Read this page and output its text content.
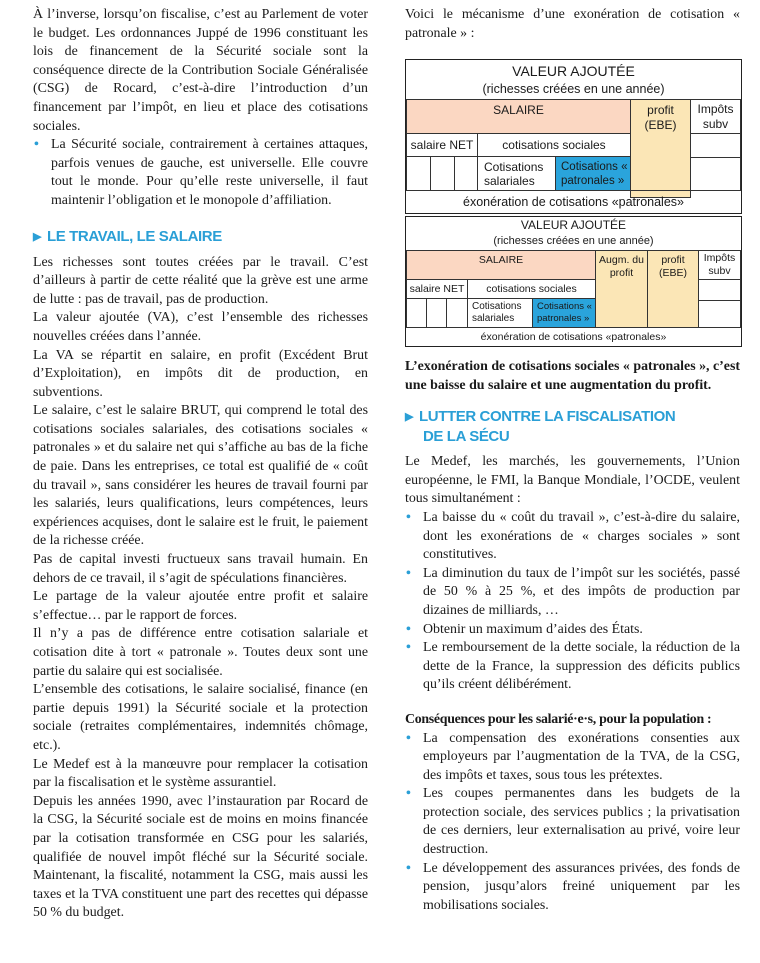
À l’inverse, lorsqu’on fiscalise, c’est au Parlement de voter le budget. Les ordonnances Juppé de 1996 constituant les lois de financement de la Sécurité sociale sont la conséquence directe de la Contribution Sociale Généralisée (CSG) de Rocard, c’est-à-dire l’introduction d’un financement par l’impôt, en lieu et place des cotisations sociales.

• La Sécurité sociale, contrairement à certaines attaques, parfois venues de gauche, est universelle. Elle couvre tout le monde. Pour qu’elle reste universelle, il faut maintenir l’obligation et le monopole d’affiliation.
▶ LE TRAVAIL, LE SALAIRE

Les richesses sont toutes créées par le travail. C’est d’ailleurs à partir de cette réalité que la grève est une arme de lutte : pas de travail, pas de production.

La valeur ajoutée (VA), c’est l’ensemble des richesses nouvelles créées dans l’année.

La VA se répartit en salaire, en profit (Excédent Brut d’Exploitation), en impôts dit de production, en subventions.

Le salaire, c’est le salaire BRUT, qui comprend le total des cotisations sociales salariales, des cotisations sociales « patronales » et du salaire net qui s’affiche au bas de la fiche de paie. Dans les entreprises, ce total est qualifié de « coût du travail », sans considérer les heures de travail fourni par les salariés, leurs qualifications, leurs compétences, leurs expériences acquises, dont le salaire est le fruit, le paiement de la richesse créée.

Pas de capital investi fructueux sans travail humain. En dehors de ce travail, il s’agit de spéculations financières.

Le partage de la valeur ajoutée entre profit et salaire s’effectue… par le rapport de forces.

Il n’y a pas de différence entre cotisation salariale et cotisation dite à tort « patronale ». Toutes deux sont une partie du salaire qui est socialisée.

L’ensemble des cotisations, le salaire socialisé, finance (en partie depuis 1991) la Sécurité sociale et la protection sociale (retraites complémentaires, indemnités chômage, etc.).

Le Medef est à la manœuvre pour remplacer la cotisation par la fiscalisation et le système assurantiel.

Depuis les années 1990, avec l’instauration par Rocard de la CSG, la Sécurité sociale est de moins en moins financée par la cotisation transformée en CSG pour les salariés, qualifiée de nouvel impôt fléché sur la Sécurité sociale. Maintenant, la fiscalité, notamment la CSG, mais aussi les taxes et la TVA constituent une part des recettes qui dépasse 50 % du budget.

Voici le mécanisme d’une exonération de cotisation « patronale » :

VALEUR AJOUTÉE
(richesses créées en une année)
SALAIRE	profit (EBE)
Impôts subv
salaire NET cotisations sociales
Cotisations salariales
Cotisations « patronales »
éxonération de cotisations «patronales»
VALEUR AJOUTÉE
(richesses créées en une année)
SALAIRE	Augm. du profit
profit (EBE)
Impôts subv
salaire NET cotisations sociales
Cotisations salariales
Cotisations « patronales »
éxonération de cotisations «patronales»

L’exonération de cotisations sociales « patronales », c’est une baisse du salaire et une augmentation du profit.

▶ LUTTER CONTRE LA FISCALISATION
DE LA SÉCU

Le Medef, les marchés, les gouvernements, l’Union européenne, le FMI, la Banque Mondiale, l’OCDE, veulent tous simultanément :

• La baisse du « coût du travail », c’est-à-dire du salaire, dont les exonérations de « charges sociales » sont constitutives.
• La diminution du taux de l’impôt sur les sociétés, passé de 50 % à 25 %, et des impôts de production par dizaines de milliards, …
• Obtenir un maximum d’aides des États.
• Le remboursement de la dette sociale, la réduction de la dette de la France, la suppression des déficits publics qu’ils créent délibérément.

Conséquences pour les salarié·e·s, pour la population :

• La compensation des exonérations consenties aux employeurs par l’augmentation de la TVA, de la CSG, des impôts et taxes, sous tous les prétextes.
• Les coupes permanentes dans les budgets de la protection sociale, des services publics ; la privatisation de ces derniers, leur externalisation au privé, voire leur destruction.
• Le développement des assurances privées, des fonds de pension, jusqu’alors freiné uniquement par les mobilisations sociales.
